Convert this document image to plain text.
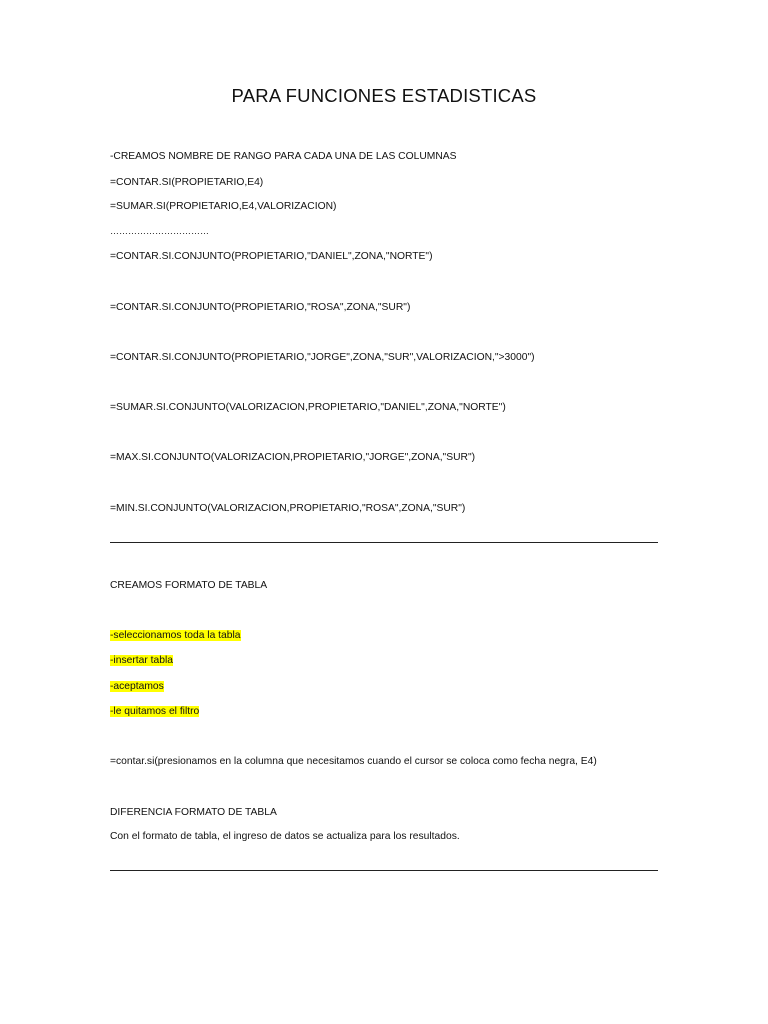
PARA FUNCIONES ESTADISTICAS
-CREAMOS NOMBRE DE RANGO PARA CADA UNA DE LAS COLUMNAS
=CONTAR.SI(PROPIETARIO,E4)
=SUMAR.SI(PROPIETARIO,E4,VALORIZACION)
……………………………
=CONTAR.SI.CONJUNTO(PROPIETARIO,"DANIEL",ZONA,"NORTE")
=CONTAR.SI.CONJUNTO(PROPIETARIO,"ROSA",ZONA,"SUR")
=CONTAR.SI.CONJUNTO(PROPIETARIO,"JORGE",ZONA,"SUR",VALORIZACION,">3000")
=SUMAR.SI.CONJUNTO(VALORIZACION,PROPIETARIO,"DANIEL",ZONA,"NORTE")
=MAX.SI.CONJUNTO(VALORIZACION,PROPIETARIO,"JORGE",ZONA,"SUR")
=MIN.SI.CONJUNTO(VALORIZACION,PROPIETARIO,"ROSA",ZONA,"SUR")
CREAMOS FORMATO DE TABLA
-seleccionamos toda la tabla
-insertar tabla
-aceptamos
-le quitamos el filtro
=contar.si(presionamos en la columna que necesitamos cuando el cursor se coloca como fecha negra, E4)
DIFERENCIA FORMATO DE TABLA
Con el formato de tabla, el ingreso de datos se actualiza para los resultados.
